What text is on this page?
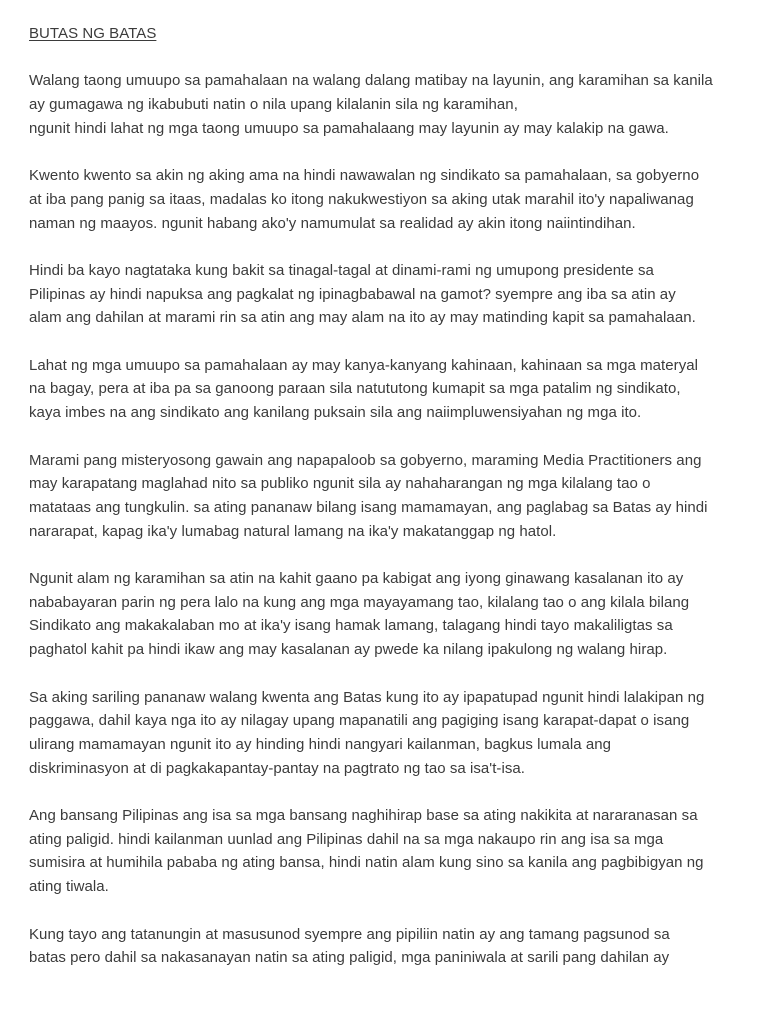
BUTAS NG BATAS

Walang taong umuupo sa pamahalaan na walang dalang matibay na layunin, ang karamihan sa kanila
ay gumagawa ng ikabubuti natin o nila upang kilalanin sila ng karamihan,
ngunit hindi lahat ng mga taong umuupo sa pamahalaang may layunin ay may kalakip na gawa.

Kwento kwento sa akin ng aking ama na hindi nawawalan ng sindikato sa pamahalaan, sa gobyerno
at iba pang panig sa itaas, madalas ko itong nakukwestiyon sa aking utak marahil ito'y napaliwanag
naman ng maayos. ngunit habang ako'y namumulat sa realidad ay akin itong naiintindihan.

Hindi ba kayo nagtataka kung bakit sa tinagal-tagal at dinami-rami ng umupong presidente sa
Pilipinas ay hindi napuksa ang pagkalat ng ipinagbabawal na gamot? syempre ang iba sa atin ay
alam ang dahilan at marami rin sa atin ang may alam na ito ay may matinding kapit sa pamahalaan.

Lahat ng mga umuupo sa pamahalaan ay may kanya-kanyang kahinaan, kahinaan sa mga materyal
na bagay, pera at iba pa sa ganoong paraan sila natututong kumapit sa mga patalim ng sindikato,
kaya imbes na ang sindikato ang kanilang puksain sila ang naiimpluwensiyahan ng mga ito.

Marami pang misteryosong gawain ang napapaloob sa gobyerno, maraming Media Practitioners ang
may karapatang maglahad nito sa publiko ngunit sila ay nahaharangan ng mga kilalang tao o
matataas ang tungkulin. sa ating pananaw bilang isang mamamayan, ang paglabag sa Batas ay hindi
nararapat, kapag ika'y lumabag natural lamang na ika'y makatanggap ng hatol.

Ngunit alam ng karamihan sa atin na kahit gaano pa kabigat ang iyong ginawang kasalanan ito ay
nababayaran parin ng pera lalo na kung ang mga mayayamang tao, kilalang tao o ang kilala bilang
Sindikato ang makakalaban mo at ika'y isang hamak lamang, talagang hindi tayo makaliligtas sa
paghatol kahit pa hindi ikaw ang may kasalanan ay pwede ka nilang ipakulong ng walang hirap.

Sa aking sariling pananaw walang kwenta ang Batas kung ito ay ipapatupad ngunit hindi lalakipan ng
paggawa, dahil kaya nga ito ay nilagay upang mapanatili ang pagiging isang karapat-dapat o isang
ulirang mamamayan ngunit ito ay hinding hindi nangyari kailanman, bagkus lumala ang
diskriminasyon at di pagkakapantay-pantay na pagtrato ng tao sa isa't-isa.

Ang bansang Pilipinas ang isa sa mga bansang naghihirap base sa ating nakikita at nararanasan sa
ating paligid. hindi kailanman uunlad ang Pilipinas dahil na sa mga nakaupo rin ang isa sa mga
sumisira at humihila pababa ng ating bansa, hindi natin alam kung sino sa kanila ang pagbibigyan ng
ating tiwala.

Kung tayo ang tatanungin at masusunod syempre ang pipiliin natin ay ang tamang pagsunod sa
batas pero dahil sa nakasanayan natin sa ating paligid, mga paniniwala at sarili pang dahilan ay
